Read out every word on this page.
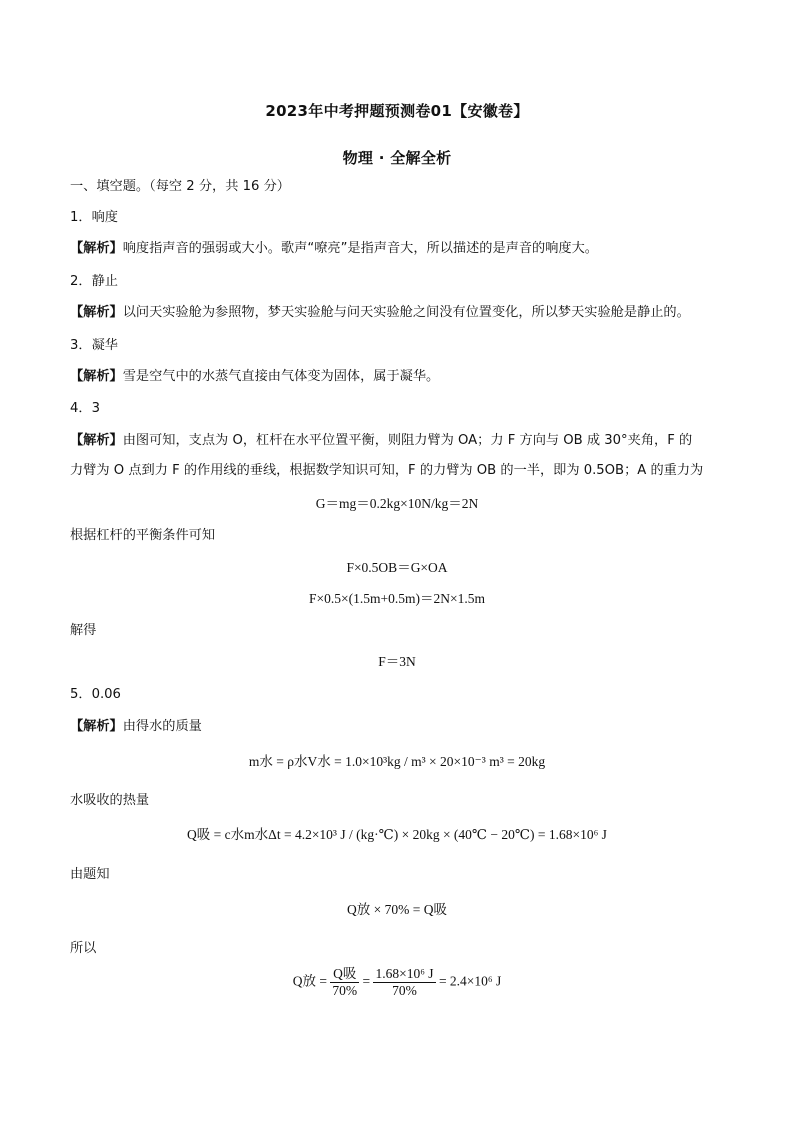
2023年中考押题预测卷01【安徽卷】
物理 · 全解全析
一、填空题。（每空 2 分，共 16 分）
1．响度
【解析】响度指声音的强弱或大小。歌声“嘹亮”是指声音大，所以描述的是声音的响度大。
2．静止
【解析】以问天实验舱为参照物，梦天实验舱与问天实验舱之间没有位置变化，所以梦天实验舱是静止的。
3．凝华
【解析】雪是空气中的水蒸气直接由气体变为固体，属于凝华。
4．3
【解析】由图可知，支点为 O，杠杆在水平位置平衡，则阻力臂为 OA；力 F 方向与 OB 成 30°夹角，F 的
力臂为 O 点到力 F 的作用线的垂线，根据数学知识可知，F 的力臂为 OB 的一半，即为 0.5OB；A 的重力为
G＝mg＝0.2kg×10N/kg＝2N
根据杠杆的平衡条件可知
F×0.5OB＝G×OA
F×0.5×(1.5m+0.5m)＝2N×1.5m
解得
F＝3N
5．0.06
【解析】由得水的质量
m水 = ρ水V水 = 1.0×10³kg / m³ × 20×10⁻³ m³ = 20kg
水吸收的热量
Q吸 = c水m水Δt = 4.2×10³ J / (kg·℃) × 20kg × (40℃ − 20℃) = 1.68×10⁶ J
由题知
Q放 × 70% = Q吸
所以
Q放 = $\frac{\text{Q吸}}{70\%} = \frac{\text{1.68×10⁶ J}}{70\%} = 2.4\times 10^6$ J
